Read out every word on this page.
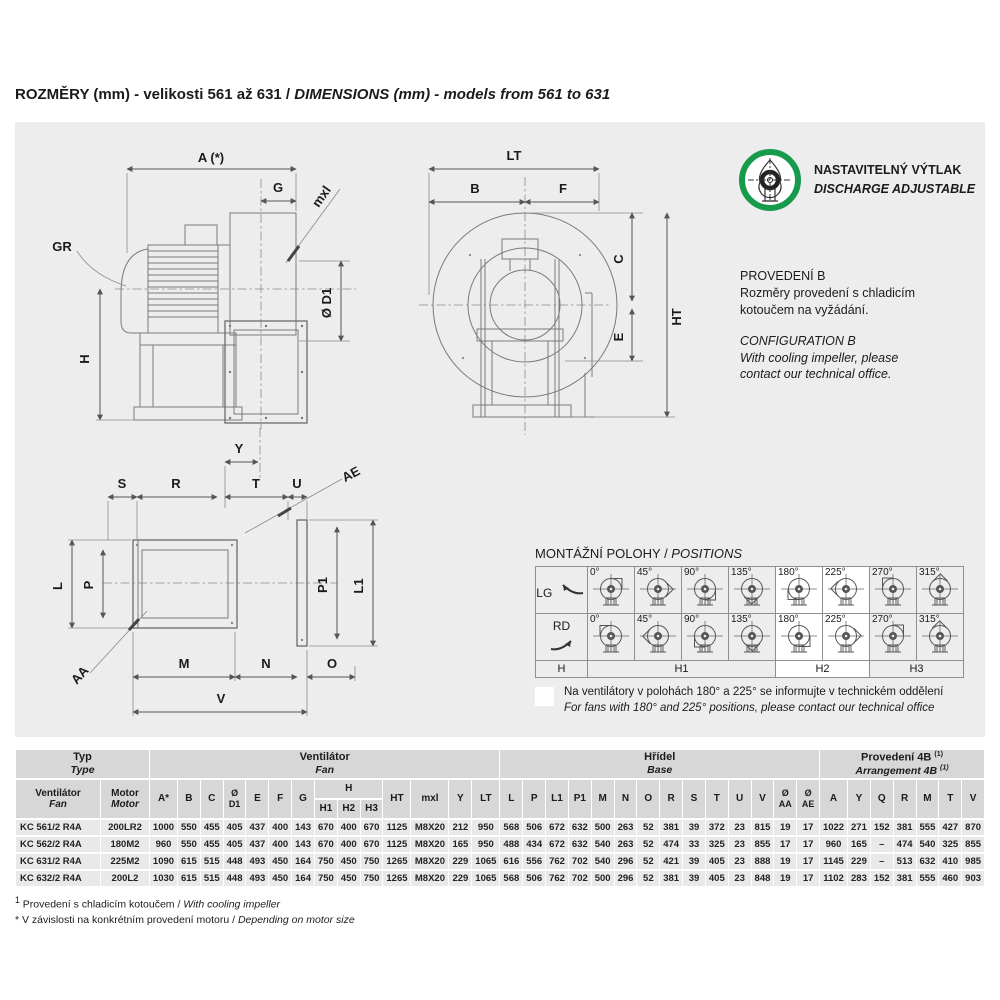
ROZMĚRY (mm) - velikosti 561 až 631 / DIMENSIONS (mm) - models from 561 to 631
A (*)
G mxl
GR
Ø D1
H
LT
B	F
C
E
HT
Y
S	R	T U	AE
L P	P1 L1
AA	M	N	O
V
NASTAVITELNÝ VÝTLAK
DISCHARGE ADJUSTABLE
PROVEDENÍ B
Rozměry provedení s chladicím
kotoučem na vyžádání.
CONFIGURATION B
With cooling impeller, please
contact our technical office.
MONTÁŽNÍ POLOHY / POSITIONS
LG	0°	45°	90°	135°	180°	225°	270°	315°

RD	0°	45°	90°	135°	180°	225°	270°	315°

H	H1				H2		H3	
Na ventilátory v polohách 180° a 225° se informujte v technickém oddělení
For fans with 180° and 225° positions, please contact our technical office
Typ
Type		Ventilátor
Fan														Hřídel
Base														Provedení 4B $^{(1)}$
Arrangement 4B $^{(1)}$
Ventilátor
Fan	Motor
Motor	A*	B	C	Ø
D1	E	F	G	H			HT	mxl	Y	LT	L	P	L1	P1	M	N	O	R	S	T	U	V	Ø
AA	Ø
AE	A	Y	Q	R	M	T	V
									H1	H2	H3																									
KC 561/2 R4A	200LR2	1000	550	455	405	437	400	143	670	400	670	1125	M8X20	212	950	568	506	672	632	500	263	52	381	39	372	23	815	19	17	1022	271	152	381	555	427	870
KC 562/2 R4A	180M2	960	550	455	405	437	400	143	670	400	670	1125	M8X20	165	950	488	434	672	632	540	263	52	474	33	325	23	855	17	17	960	165	–	474	540	325	855
KC 631/2 R4A	225M2	1090	615	515	448	493	450	164	750	450	750	1265	M8X20	229	1065	616	556	762	702	540	296	52	421	39	405	23	888	19	17	1145	229	–	513	632	410	985
KC 632/2 R4A	200L2	1030	615	515	448	493	450	164	750	450	750	1265	M8X20	229	1065	568	506	762	702	500	296	52	381	39	405	23	848	19	17	1102	283	152	381	555	460	903
$^1$ Provedení s chladicím kotoučem / With cooling impeller
* V závislosti na konkrétním provedení motoru / Depending on motor size
